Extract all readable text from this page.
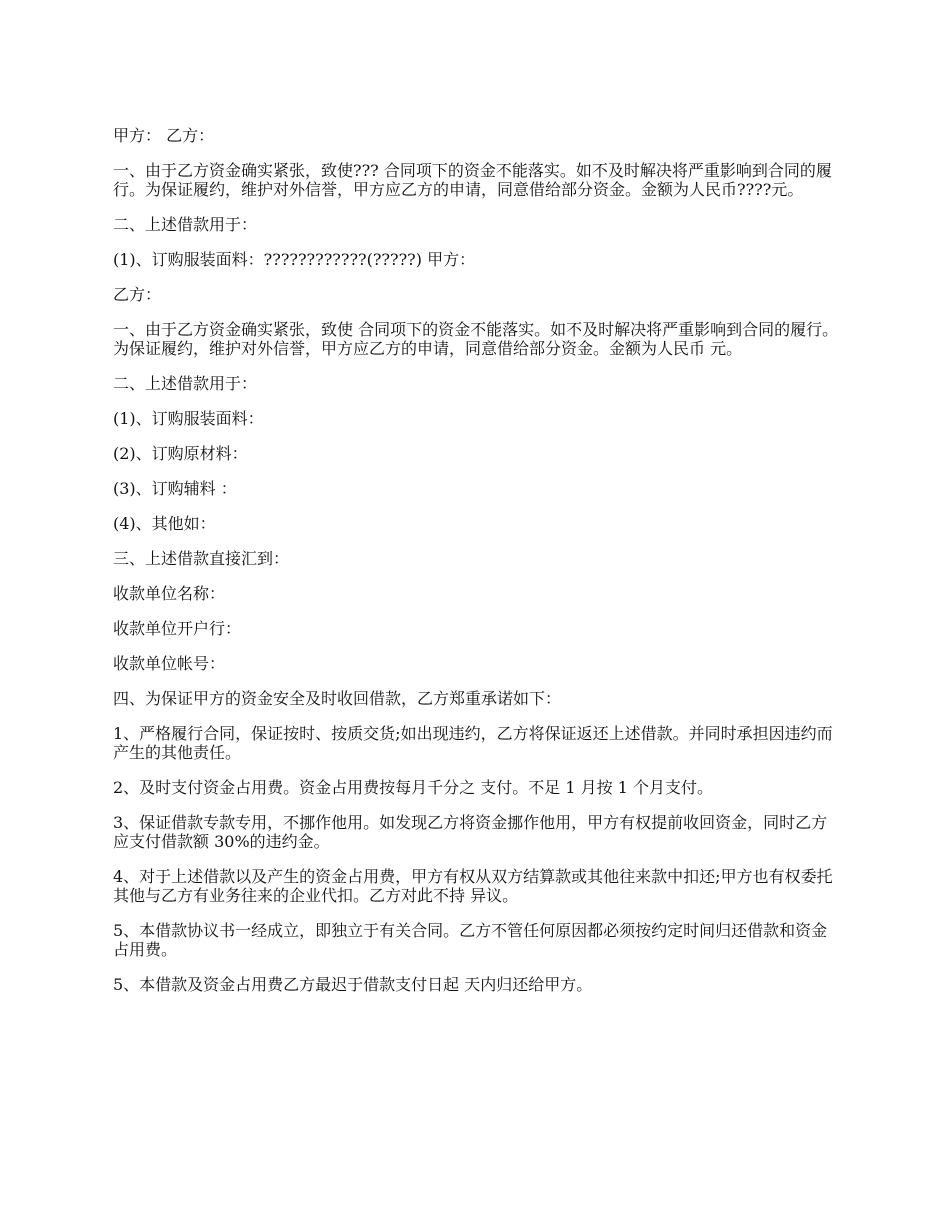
甲方： 乙方：

一、由于乙方资金确实紧张，致使??? 合同项下的资金不能落实。如不及时解决将严重影响到合同的履行。为保证履约，维护对外信誉，甲方应乙方的申请，同意借给部分资金。金额为人民币????元。

二、上述借款用于：

(1)、订购服装面料：????????????(?????) 甲方：

乙方：

一、由于乙方资金确实紧张，致使 合同项下的资金不能落实。如不及时解决将严重影响到合同的履行。为保证履约，维护对外信誉，甲方应乙方的申请，同意借给部分资金。金额为人民币 元。

二、上述借款用于：

(1)、订购服装面料：

(2)、订购原材料：

(3)、订购辅料 ：

(4)、其他如：

三、上述借款直接汇到：

收款单位名称：

收款单位开户行：

收款单位帐号：

四、为保证甲方的资金安全及时收回借款，乙方郑重承诺如下：

1、严格履行合同，保证按时、按质交货;如出现违约，乙方将保证返还上述借款。并同时承担因违约而产生的其他责任。

2、及时支付资金占用费。资金占用费按每月千分之 支付。不足 1 月按 1 个月支付。

3、保证借款专款专用，不挪作他用。如发现乙方将资金挪作他用，甲方有权提前收回资金，同时乙方应支付借款额 30%的违约金。

4、对于上述借款以及产生的资金占用费，甲方有权从双方结算款或其他往来款中扣还;甲方也有权委托其他与乙方有业务往来的企业代扣。乙方对此不持 异议。

5、本借款协议书一经成立，即独立于有关合同。乙方不管任何原因都必须按约定时间归还借款和资金占用费。

5、本借款及资金占用费乙方最迟于借款支付日起 天内归还给甲方。
